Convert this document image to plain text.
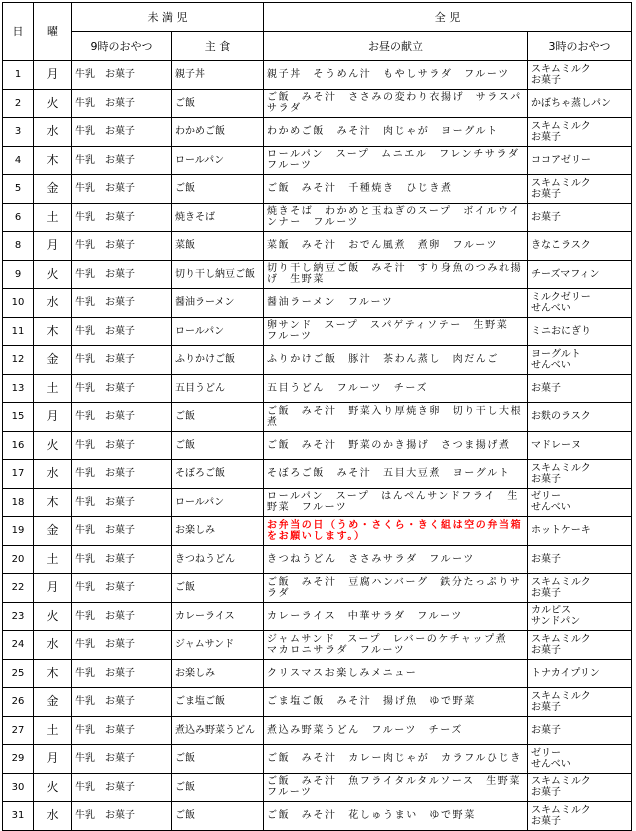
日	曜	未 満 児		全 児	
		9時のおやつ	主 食	お昼の献立	3時のおやつ
1	月	牛乳　お菓子	親子丼	親子丼　そうめん汁　もやしサラダ　フルーツ	スキムミルク
お菓子
2	火	牛乳　お菓子	ご飯	ご飯　みそ汁　ささみの変わり衣揚げ　サラスパサラダ	かぼちゃ蒸しパン
3	水	牛乳　お菓子	わかめご飯	わかめご飯　みそ汁　肉じゃが　ヨーグルト	スキムミルク
お菓子
4	木	牛乳　お菓子	ロールパン	ロールパン　スープ　ムニエル　フレンチサラダ　フルーツ	ココアゼリー
5	金	牛乳　お菓子	ご飯	ご飯　みそ汁　千種焼き　ひじき煮	スキムミルク
お菓子
6	土	牛乳　お菓子	焼きそば	焼きそば　わかめと玉ねぎのスープ　ボイルウインナー　フルーツ	お菓子
8	月	牛乳　お菓子	菜飯	菜飯　みそ汁　おでん風煮　煮卵　フルーツ	きなこラスク
9	火	牛乳　お菓子	切り干し納豆ご飯	切り干し納豆ご飯　みそ汁　すり身魚のつみれ揚げ　生野菜	チーズマフィン
10	水	牛乳　お菓子	醤油ラーメン	醤油ラーメン　フルーツ	ミルクゼリー
せんべい
11	木	牛乳　お菓子	ロールパン	卵サンド　スープ　スパゲティソテー　生野菜　フルーツ	ミニおにぎり
12	金	牛乳　お菓子	ふりかけご飯	ふりかけご飯　豚汁　茶わん蒸し　肉だんご	ヨーグルト
せんべい
13	土	牛乳　お菓子	五目うどん	五目うどん　フルーツ　チーズ	お菓子
15	月	牛乳　お菓子	ご飯	ご飯　みそ汁　野菜入り厚焼き卵　切り干し大根煮	お麩のラスク
16	火	牛乳　お菓子	ご飯	ご飯　みそ汁　野菜のかき揚げ　さつま揚げ煮	マドレーヌ
17	水	牛乳　お菓子	そぼろご飯	そぼろご飯　みそ汁　五目大豆煮　ヨーグルト	スキムミルク
お菓子
18	木	牛乳　お菓子	ロールパン	ロールパン　スープ　はんぺんサンドフライ　生野菜　フルーツ	ゼリー
せんべい
19	金	牛乳　お菓子	お楽しみ	お弁当の日（うめ・さくら・きく組は空の弁当箱をお願いします。）	ホットケーキ
20	土	牛乳　お菓子	きつねうどん	きつねうどん　ささみサラダ　フルーツ	お菓子
22	月	牛乳　お菓子	ご飯	ご飯　みそ汁　豆腐ハンバーグ　鉄分たっぷりサラダ	スキムミルク
お菓子
23	火	牛乳　お菓子	カレーライス	カレーライス　中華サラダ　フルーツ	カルピス
サンドパン
24	水	牛乳　お菓子	ジャムサンド	ジャムサンド　スープ　レバーのケチャップ煮　マカロニサラダ　フルーツ	スキムミルク
お菓子
25	木	牛乳　お菓子	お楽しみ	クリスマスお楽しみメニュー	トナカイプリン
26	金	牛乳　お菓子	ごま塩ご飯	ごま塩ご飯　みそ汁　揚げ魚　ゆで野菜	スキムミルク
お菓子
27	土	牛乳　お菓子	煮込み野菜うどん	煮込み野菜うどん　フルーツ　チーズ	お菓子
29	月	牛乳　お菓子	ご飯	ご飯　みそ汁　カレー肉じゃが　カラフルひじき	ゼリー
せんべい
30	火	牛乳　お菓子	ご飯	ご飯　みそ汁　魚フライタルタルソース　生野菜　フルーツ	スキムミルク
お菓子
31	水	牛乳　お菓子	ご飯	ご飯　みそ汁　花しゅうまい　ゆで野菜	スキムミルク
お菓子
